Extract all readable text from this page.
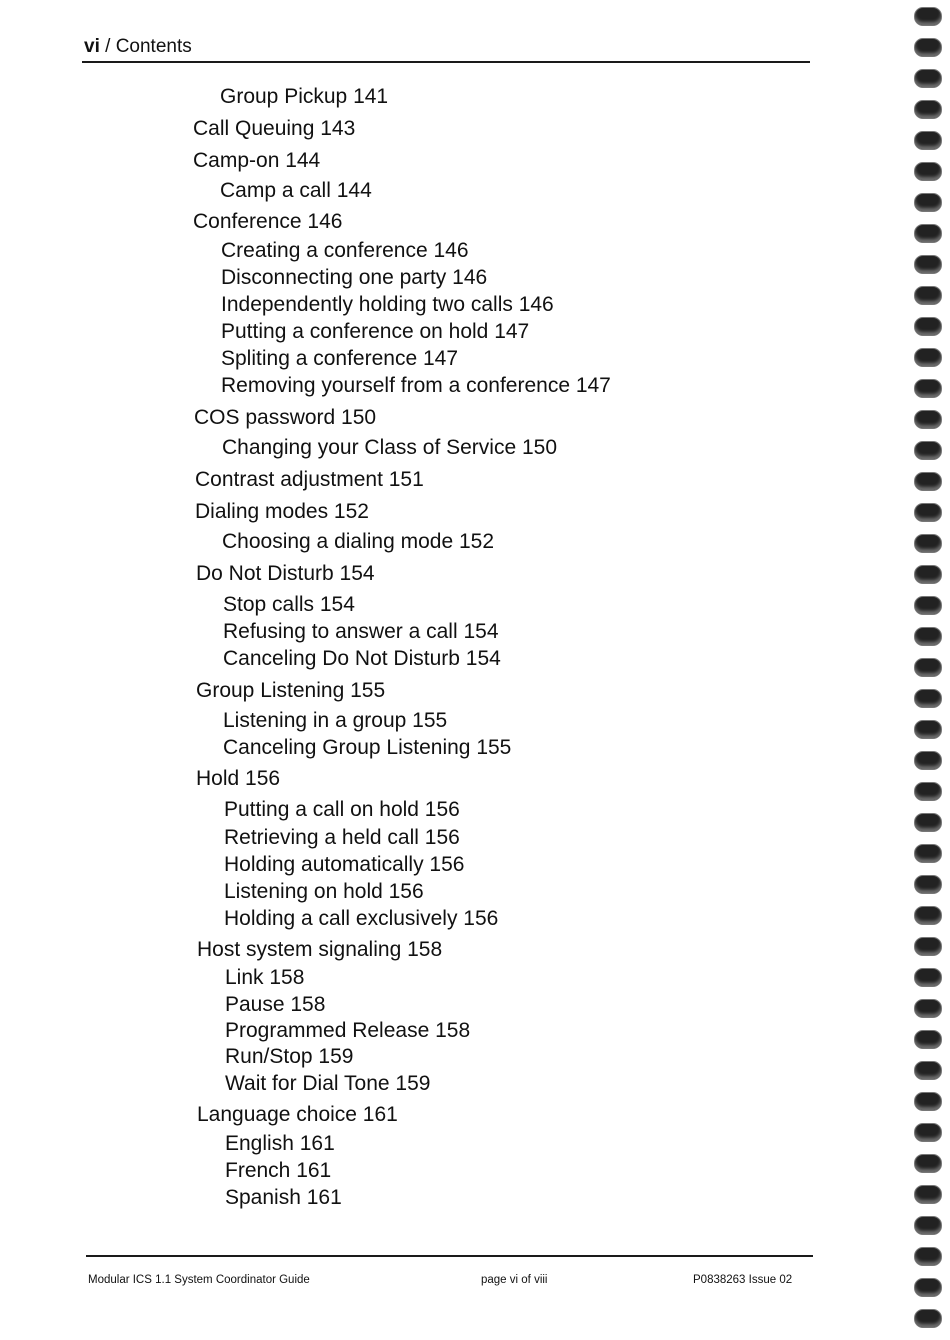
vi / Contents
Group Pickup 141
Call Queuing 143
Camp-on 144
Camp a call 144
Conference 146
Creating a conference 146
Disconnecting one party 146
Independently holding two calls 146
Putting a conference on hold 147
Spliting a conference 147
Removing yourself from a conference 147
COS password 150
Changing your Class of Service 150
Contrast adjustment 151
Dialing modes 152
Choosing a dialing mode 152
Do Not Disturb 154
Stop calls 154
Refusing to answer a call 154
Canceling Do Not Disturb 154
Group Listening 155
Listening in a group 155
Canceling Group Listening 155
Hold 156
Putting a call on hold 156
Retrieving a held call 156
Holding automatically 156
Listening on hold 156
Holding a call exclusively 156
Host system signaling 158
Link 158
Pause 158
Programmed Release 158
Run/Stop 159
Wait for Dial Tone 159
Language choice 161
English 161
French 161
Spanish 161
Modular ICS 1.1 System Coordinator Guide	page vi of viii	P0838263 Issue 02
